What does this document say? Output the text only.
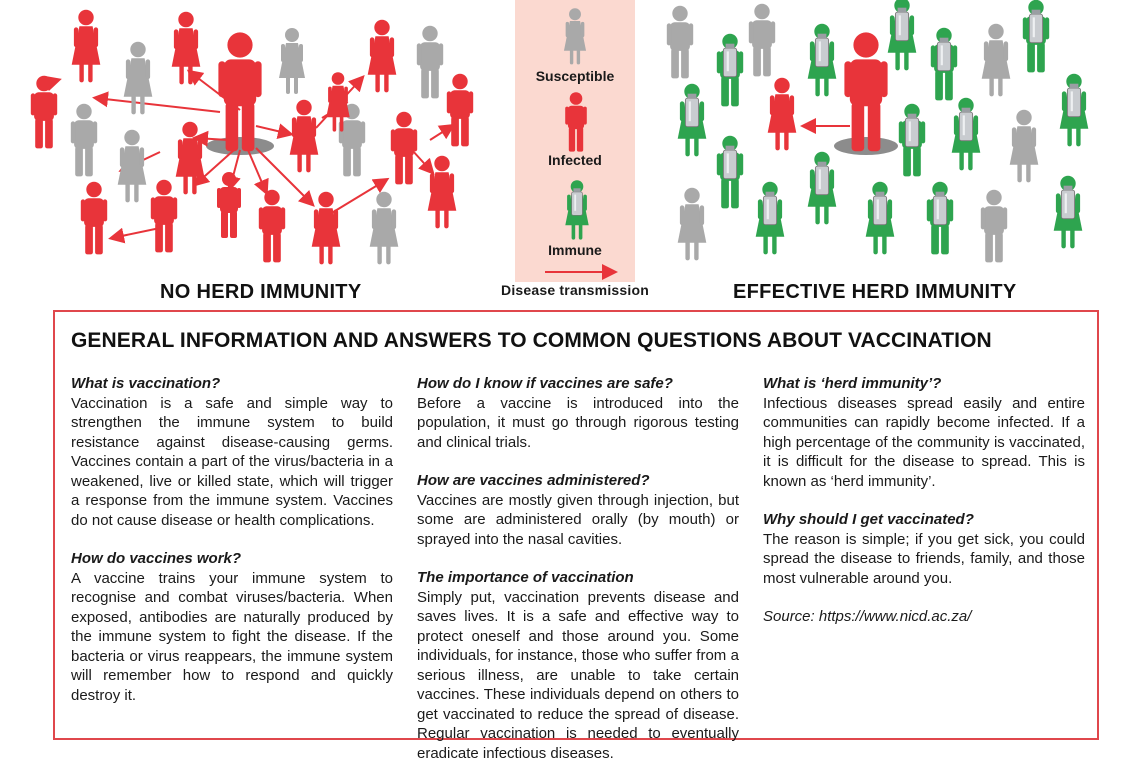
Susceptible
Infected
Immune
Disease transmission
NO HERD IMMUNITY	EFFECTIVE HERD IMMUNITY
GENERAL INFORMATION AND ANSWERS TO COMMON QUESTIONS ABOUT VACCINATION
What is vaccination?

Vaccination is a safe and simple way to strengthen the immune system to build resistance against disease-causing germs. Vaccines contain a part of the virus/bacteria in a weakened, live or killed state, which will trigger a response from the immune system. Vaccines do not cause disease or health complications.

How do vaccines work?

A vaccine trains your immune system to recognise and combat viruses/bacteria. When exposed, antibodies are naturally produced by the immune system to fight the disease. If the bacteria or virus reappears, the immune system will remember how to respond and quickly destroy it.

How do I know if vaccines are safe?

Before a vaccine is introduced into the population, it must go through rigorous testing and clinical trials.

How are vaccines administered?

Vaccines are mostly given through injection, but some are administered orally (by mouth) or sprayed into the nasal cavities.

The importance of vaccination

Simply put, vaccination prevents disease and saves lives. It is a safe and effective way to protect oneself and those around you. Some individuals, for instance, those who suffer from a serious illness, are unable to take certain vaccines. These individuals depend on others to get vaccinated to reduce the spread of disease. Regular vaccination is needed to eventually eradicate infectious diseases.

What is ‘herd immunity’?

Infectious diseases spread easily and entire communities can rapidly become infected. If a high percentage of the community is vaccinated, it is difficult for the disease to spread. This is known as ‘herd immunity’.

Why should I get vaccinated?

The reason is simple; if you get sick, you could spread the disease to friends, family, and those most vulnerable around you.

Source: https://www.nicd.ac.za/
